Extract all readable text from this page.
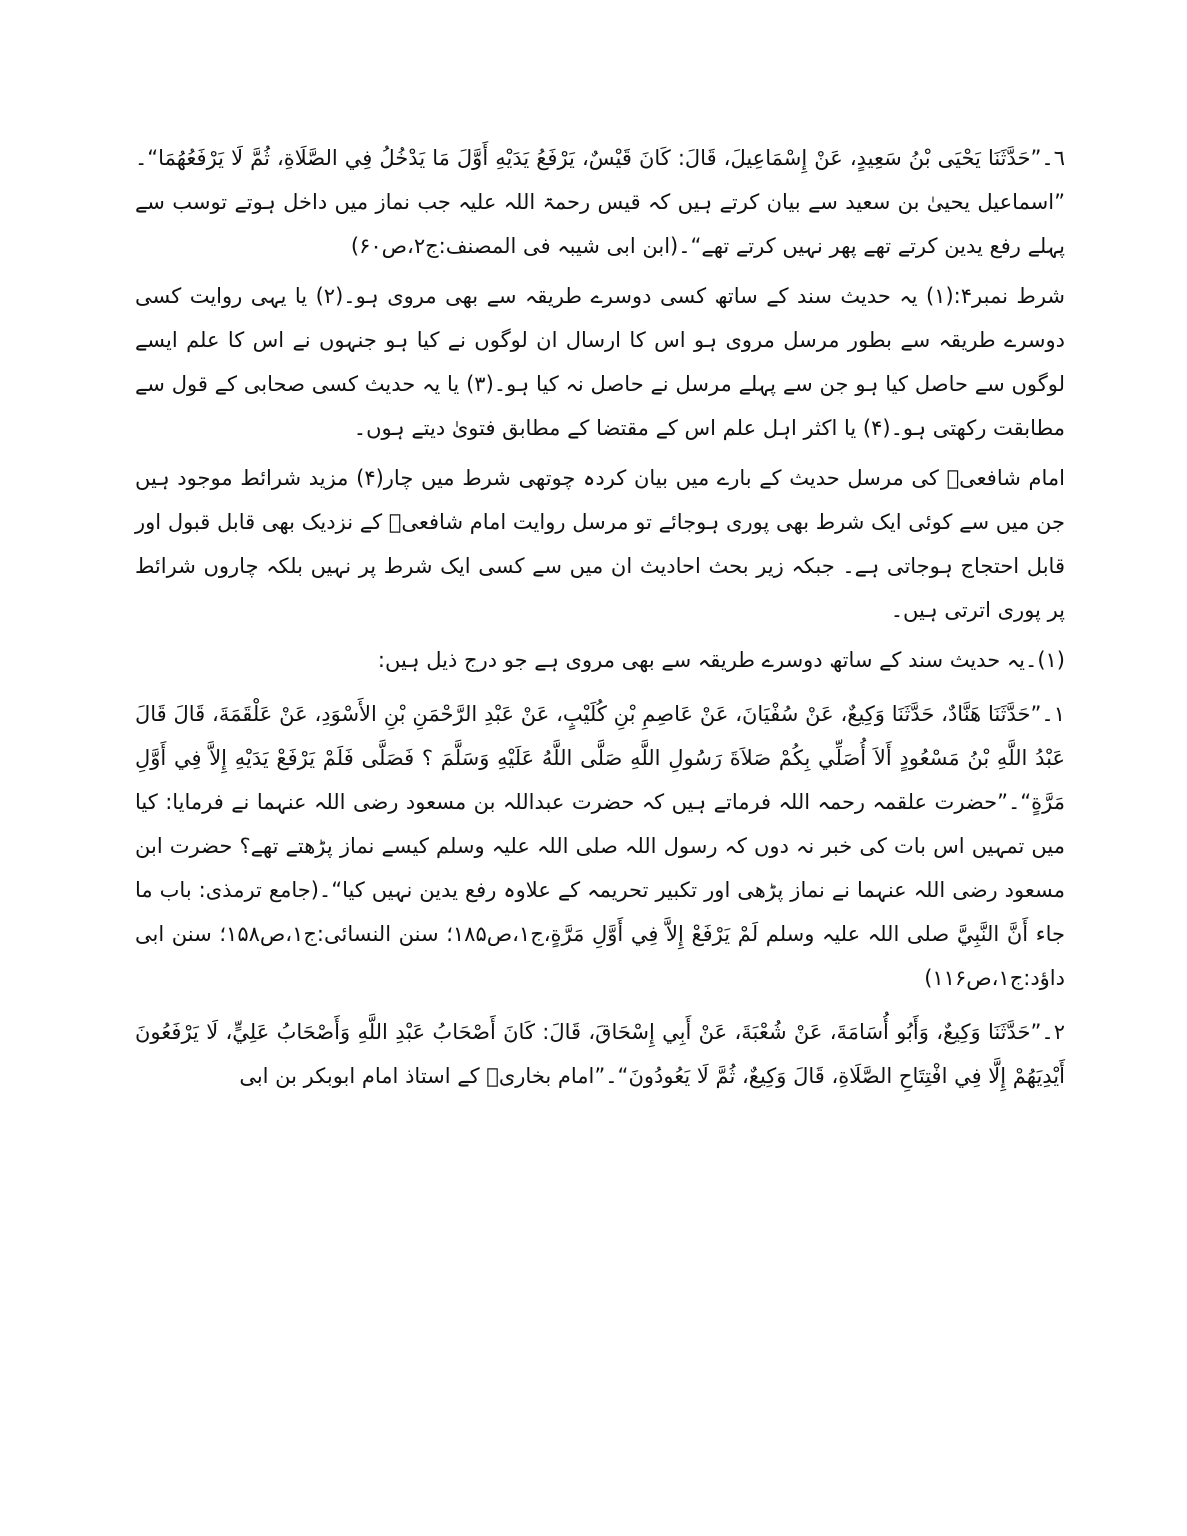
٦۔”حَدَّثَنَا يَحْيَى بْنُ سَعِيدٍ، عَنْ إِسْمَاعِيلَ، قَالَ: كَانَ قَيْسٌ، يَرْفَعُ يَدَيْهِ أَوَّلَ مَا يَدْخُلُ فِي الصَّلَاةِ، ثُمَّ لَا يَرْفَعُهُمَا“۔ ”اسماعیل یحییٰ بن سعید سے بیان کرتے ہیں کہ قیس رحمۃ اللہ علیہ جب نماز میں داخل ہوتے توسب سے پہلے رفع یدین کرتے تھے پھر نہیں کرتے تھے“۔(ابن ابی شیبہ فی المصنف:ج۲،ص۶۰)

شرط نمبر۴:(۱) یہ حدیث سند کے ساتھ کسی دوسرے طریقہ سے بھی مروی ہو۔(۲) یا یہی روایت کسی دوسرے طریقہ سے بطور مرسل مروی ہو اس کا ارسال ان لوگوں نے کیا ہو جنہوں نے اس کا علم ایسے لوگوں سے حاصل کیا ہو جن سے پہلے مرسل نے حاصل نہ کیا ہو۔(۳) یا یہ حدیث کسی صحابی کے قول سے مطابقت رکھتی ہو۔(۴) یا اکثر اہل علم اس کے مقتضا کے مطابق فتویٰ دیتے ہوں۔

امام شافعیؒ کی مرسل حدیث کے بارے میں بیان کردہ چوتھی شرط میں چار(۴) مزید شرائط موجود ہیں جن میں سے کوئی ایک شرط بھی پوری ہوجائے تو مرسل روایت امام شافعیؒ کے نزدیک بھی قابل قبول اور قابل احتجاج ہوجاتی ہے۔ جبکہ زیر بحث احادیث ان میں سے کسی ایک شرط پر نہیں بلکہ چاروں شرائط پر پوری اترتی ہیں۔

(۱)۔یہ حدیث سند کے ساتھ دوسرے طریقہ سے بھی مروی ہے جو درج ذیل ہیں:

۱۔”حَدَّثَنَا هَنَّادٌ، حَدَّثَنَا وَكِيعٌ، عَنْ سُفْيَانَ، عَنْ عَاصِمِ بْنِ كُلَيْبٍ، عَنْ عَبْدِ الرَّحْمَنِ بْنِ الأَسْوَدِ، عَنْ عَلْقَمَةَ، قَالَ قَالَ عَبْدُ اللَّهِ بْنُ مَسْعُودٍ أَلاَ أُصَلِّي بِكُمْ صَلاَةَ رَسُولِ اللَّهِ صَلَّى اللَّهُ عَلَيْهِ وَسَلَّمَ ؟ فَصَلَّى فَلَمْ يَرْفَعْ يَدَيْهِ إِلاَّ فِي أَوَّلِ مَرَّةٍ“۔”حضرت علقمہ رحمہ اللہ فرماتے ہیں کہ حضرت عبداللہ بن مسعود رضی اللہ عنہما نے فرمایا: کیا میں تمہیں اس بات کی خبر نہ دوں کہ رسول اللہ صلی اللہ علیہ وسلم کیسے نماز پڑھتے تھے؟ حضرت ابن مسعود رضی اللہ عنہما نے نماز پڑھی اور تکبیر تحریمہ کے علاوہ رفع یدین نہیں کیا“۔(جامع ترمذی: باب ما جاء أَنَّ النَّبِيَّ صلی اللہ علیہ وسلم لَمْ يَرْفَعْ إِلاَّ فِي أَوَّلِ مَرَّةٍ،ج۱،ص۱۸۵؛ سنن النسائی:ج۱،ص۱۵۸؛ سنن ابی داؤد:ج۱،ص۱۱۶)

۲۔”حَدَّثَنَا وَكِيعٌ، وَأَبُو أُسَامَةَ، عَنْ شُعْبَةَ، عَنْ أَبِي إِسْحَاقَ، قَالَ: كَانَ أَصْحَابُ عَبْدِ اللَّهِ وَأَصْحَابُ عَلِيٍّ، لَا يَرْفَعُونَ أَيْدِيَهُمْ إِلَّا فِي افْتِتَاحِ الصَّلَاةِ، قَالَ وَكِيعٌ، ثُمَّ لَا يَعُودُونَ“۔”امام بخاریؒ کے استاذ امام ابوبکر بن ابی
